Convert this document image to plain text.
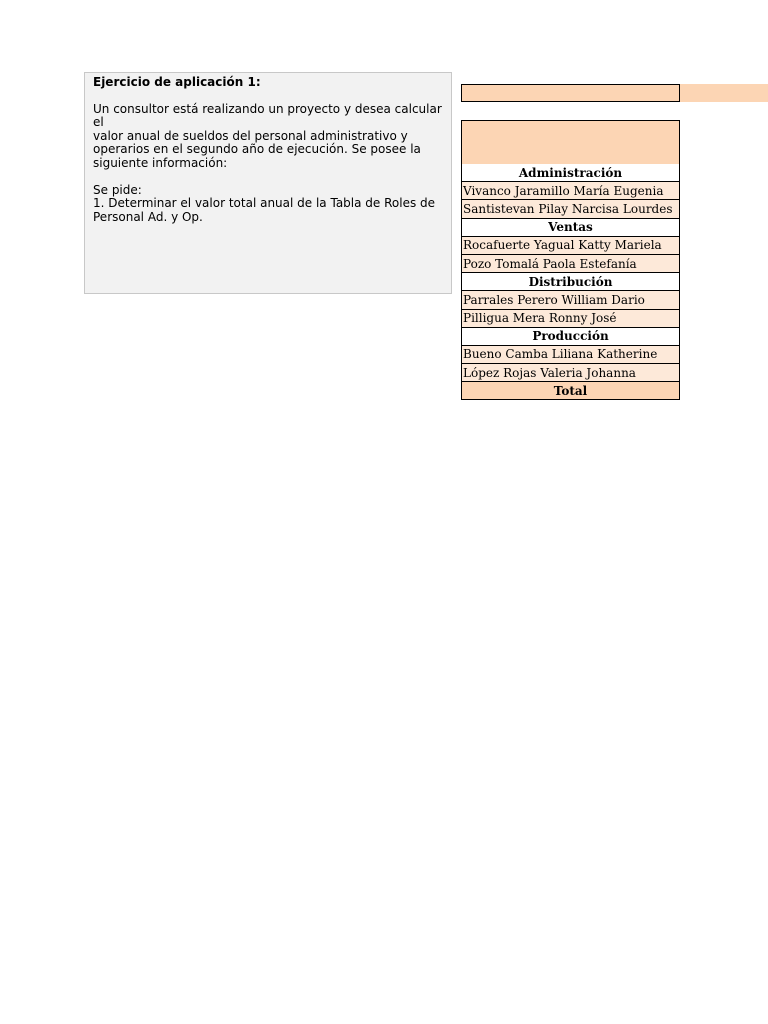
Ejercicio de aplicación 1:
Un consultor está realizando un proyecto y desea calcular el
valor anual de sueldos del personal administrativo y
operarios en el segundo año de ejecución. Se posee la
siguiente información:
Se pide:
1. Determinar el valor total anual de la Tabla de Roles de
Personal Ad. y Op.
Administración
Vivanco Jaramillo María Eugenia
Santistevan Pilay Narcisa Lourdes
Ventas
Rocafuerte Yagual Katty Mariela
Pozo Tomalá Paola Estefanía
Distribución
Parrales Perero William Dario
Pilligua Mera Ronny José
Producción
Bueno Camba Liliana Katherine
López Rojas Valeria Johanna
Total
